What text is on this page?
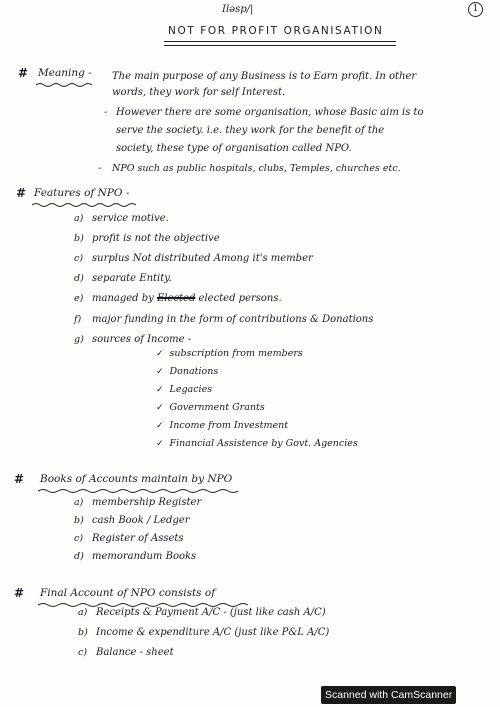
Iləsp/|	1
NOT FOR PROFIT ORGANISATION
# Meaning - The main purpose of any Business is to Earn profit. In other
words, they work for self Interest.
- However there are some organisation, whose Basic aim is to
serve the society. i.e. they work for the benefit of the
society, these type of organisation called NPO.
- NPO such as public hospitals, clubs, Temples, churches etc.
# Features of NPO -
a) service motive.
b) profit is not the objective
c) surplus Not distributed Among it's member
d) separate Entity.
e) managed by Elected elected persons.
f) major funding in the form of contributions & Donations
g) sources of Income -
✓ subscription from members
✓ Donations
✓ Legacies
✓ Government Grants
✓ Income from Investment
✓ Financial Assistence by Govt. Agencies
# Books of Accounts maintain by NPO
a) membership Register
b) cash Book / Ledger
c) Register of Assets
d) memorandum Books
# Final Account of NPO consists of
a) Receipts & Payment A/C - (just like cash A/C)
b) Income & expenditure A/C (just like P&L A/C)
c) Balance - sheet
Scanned with CamScanner
